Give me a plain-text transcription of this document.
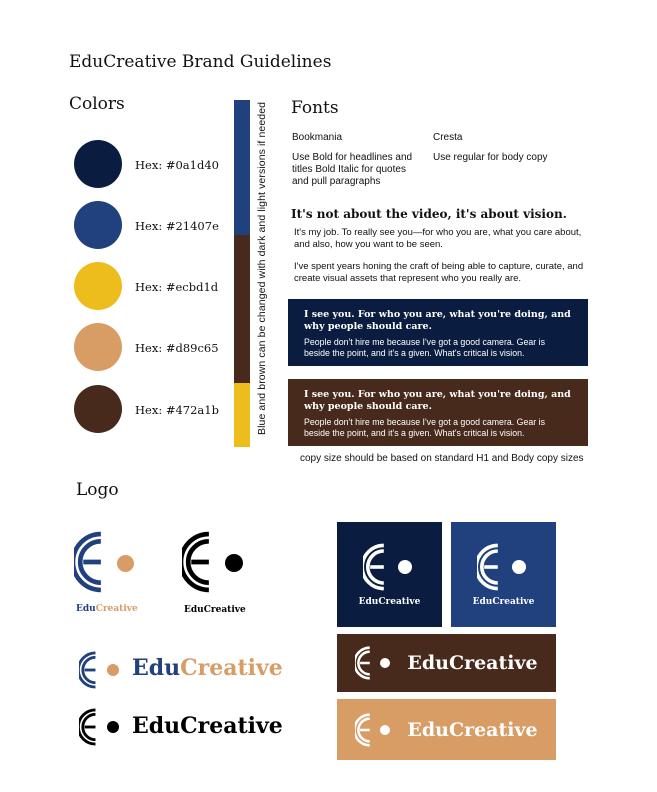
EduCreative Brand Guidelines
Colors
Hex: #0a1d40
Hex: #21407e
Hex: #ecbd1d
Hex: #d89c65
Hex: #472a1b	Blue and brown can be changed with dark and light versions if needed Fonts
Bookmania
Use Bold for headlines and titles Bold Italic for quotes and pull paragraphs
Cresta
Use regular for body copy
It's not about the video, it's about vision.
It's my job. To really see you—for who you are, what you care about, and also, how you want to be seen.
I've spent years honing the craft of being able to capture, curate, and create visual assets that represent who you really are.
I see you. For who you are, what you're doing, and why people should care.
People don't hire me because I've got a good camera. Gear is beside the point, and it's a given. What's critical is vision.
I see you. For who you are, what you're doing, and why people should care.
People don't hire me because I've got a good camera. Gear is beside the point, and it's a given. What's critical is vision.
copy size should be based on standard H1 and Body copy sizes
Logo
EduCreative	EduCreative
EduCreative
EduCreative
EduCreative	EduCreative
EduCreative
EduCreative
